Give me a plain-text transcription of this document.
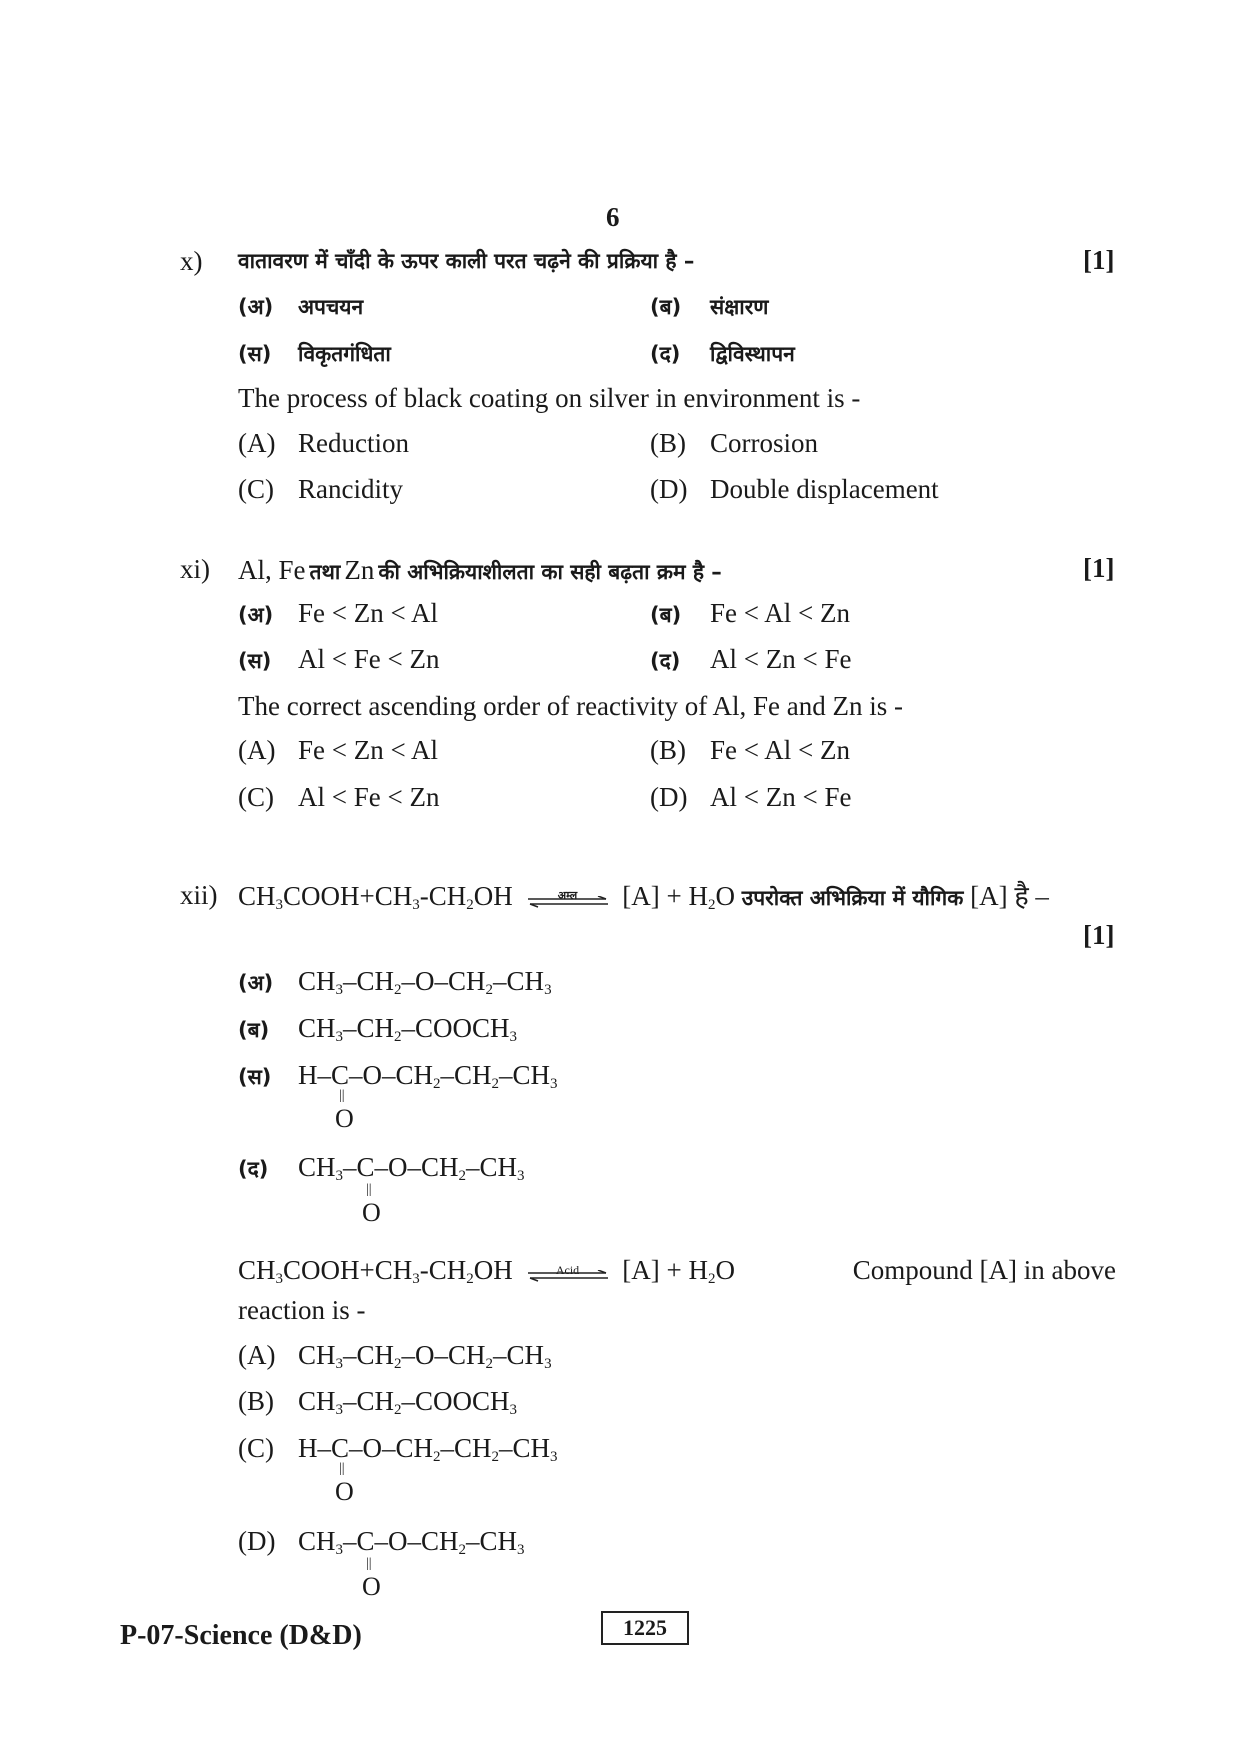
6
x) वातावरण में चाँदी के ऊपर काली परत चढ़ने की प्रक्रिया है –	[1]
(अ) अपचयन	(ब) संक्षारण
(स) विकृतगंधिता	(द) द्विविस्थापन
The process of black coating on silver in environment is -
(A) Reduction	(B) Corrosion
(C) Rancidity	(D) Double displacement
xi) Al, Fe तथा Zn की अभिक्रियाशीलता का सही बढ़ता क्रम है –	[1]
(अ) Fe < Zn < Al	(ब) Fe < Al < Zn
(स) Al < Fe < Zn	(द) Al < Zn < Fe
The correct ascending order of reactivity of Al, Fe and Zn is -
(A) Fe < Zn < Al	(B) Fe < Al < Zn
(C) Al < Fe < Zn	(D) Al < Zn < Fe
xii) $CH_3COOH+CH_3-CH_2OH$	अम्ल	$[A] + H_2O$ उपरोक्त अभिक्रिया में यौगिक [A] है –
[1]
(अ) $CH_3-CH_2-O-CH_2-CH_3$
(ब) $CH_3-CH_2-COOCH_3$
(स) $H-C-O-CH_2-CH_2-CH_3$
||
O
(द) $CH_3-C-O-CH_2-CH_3$
||
O
$CH_3COOH+CH_3-CH_2OH$	Acid	$[A] + H_2O$	Compound [A] in above
reaction is -
(A) $CH_3-CH_2-O-CH_2-CH_3$
(B) $CH_3-CH_2-COOCH_3$
(C) $H-C-O-CH_2-CH_2-CH_3$
||
O
(D) $CH_3-C-O-CH_2-CH_3$
||
O
P-07-Science (D&D)	1225
